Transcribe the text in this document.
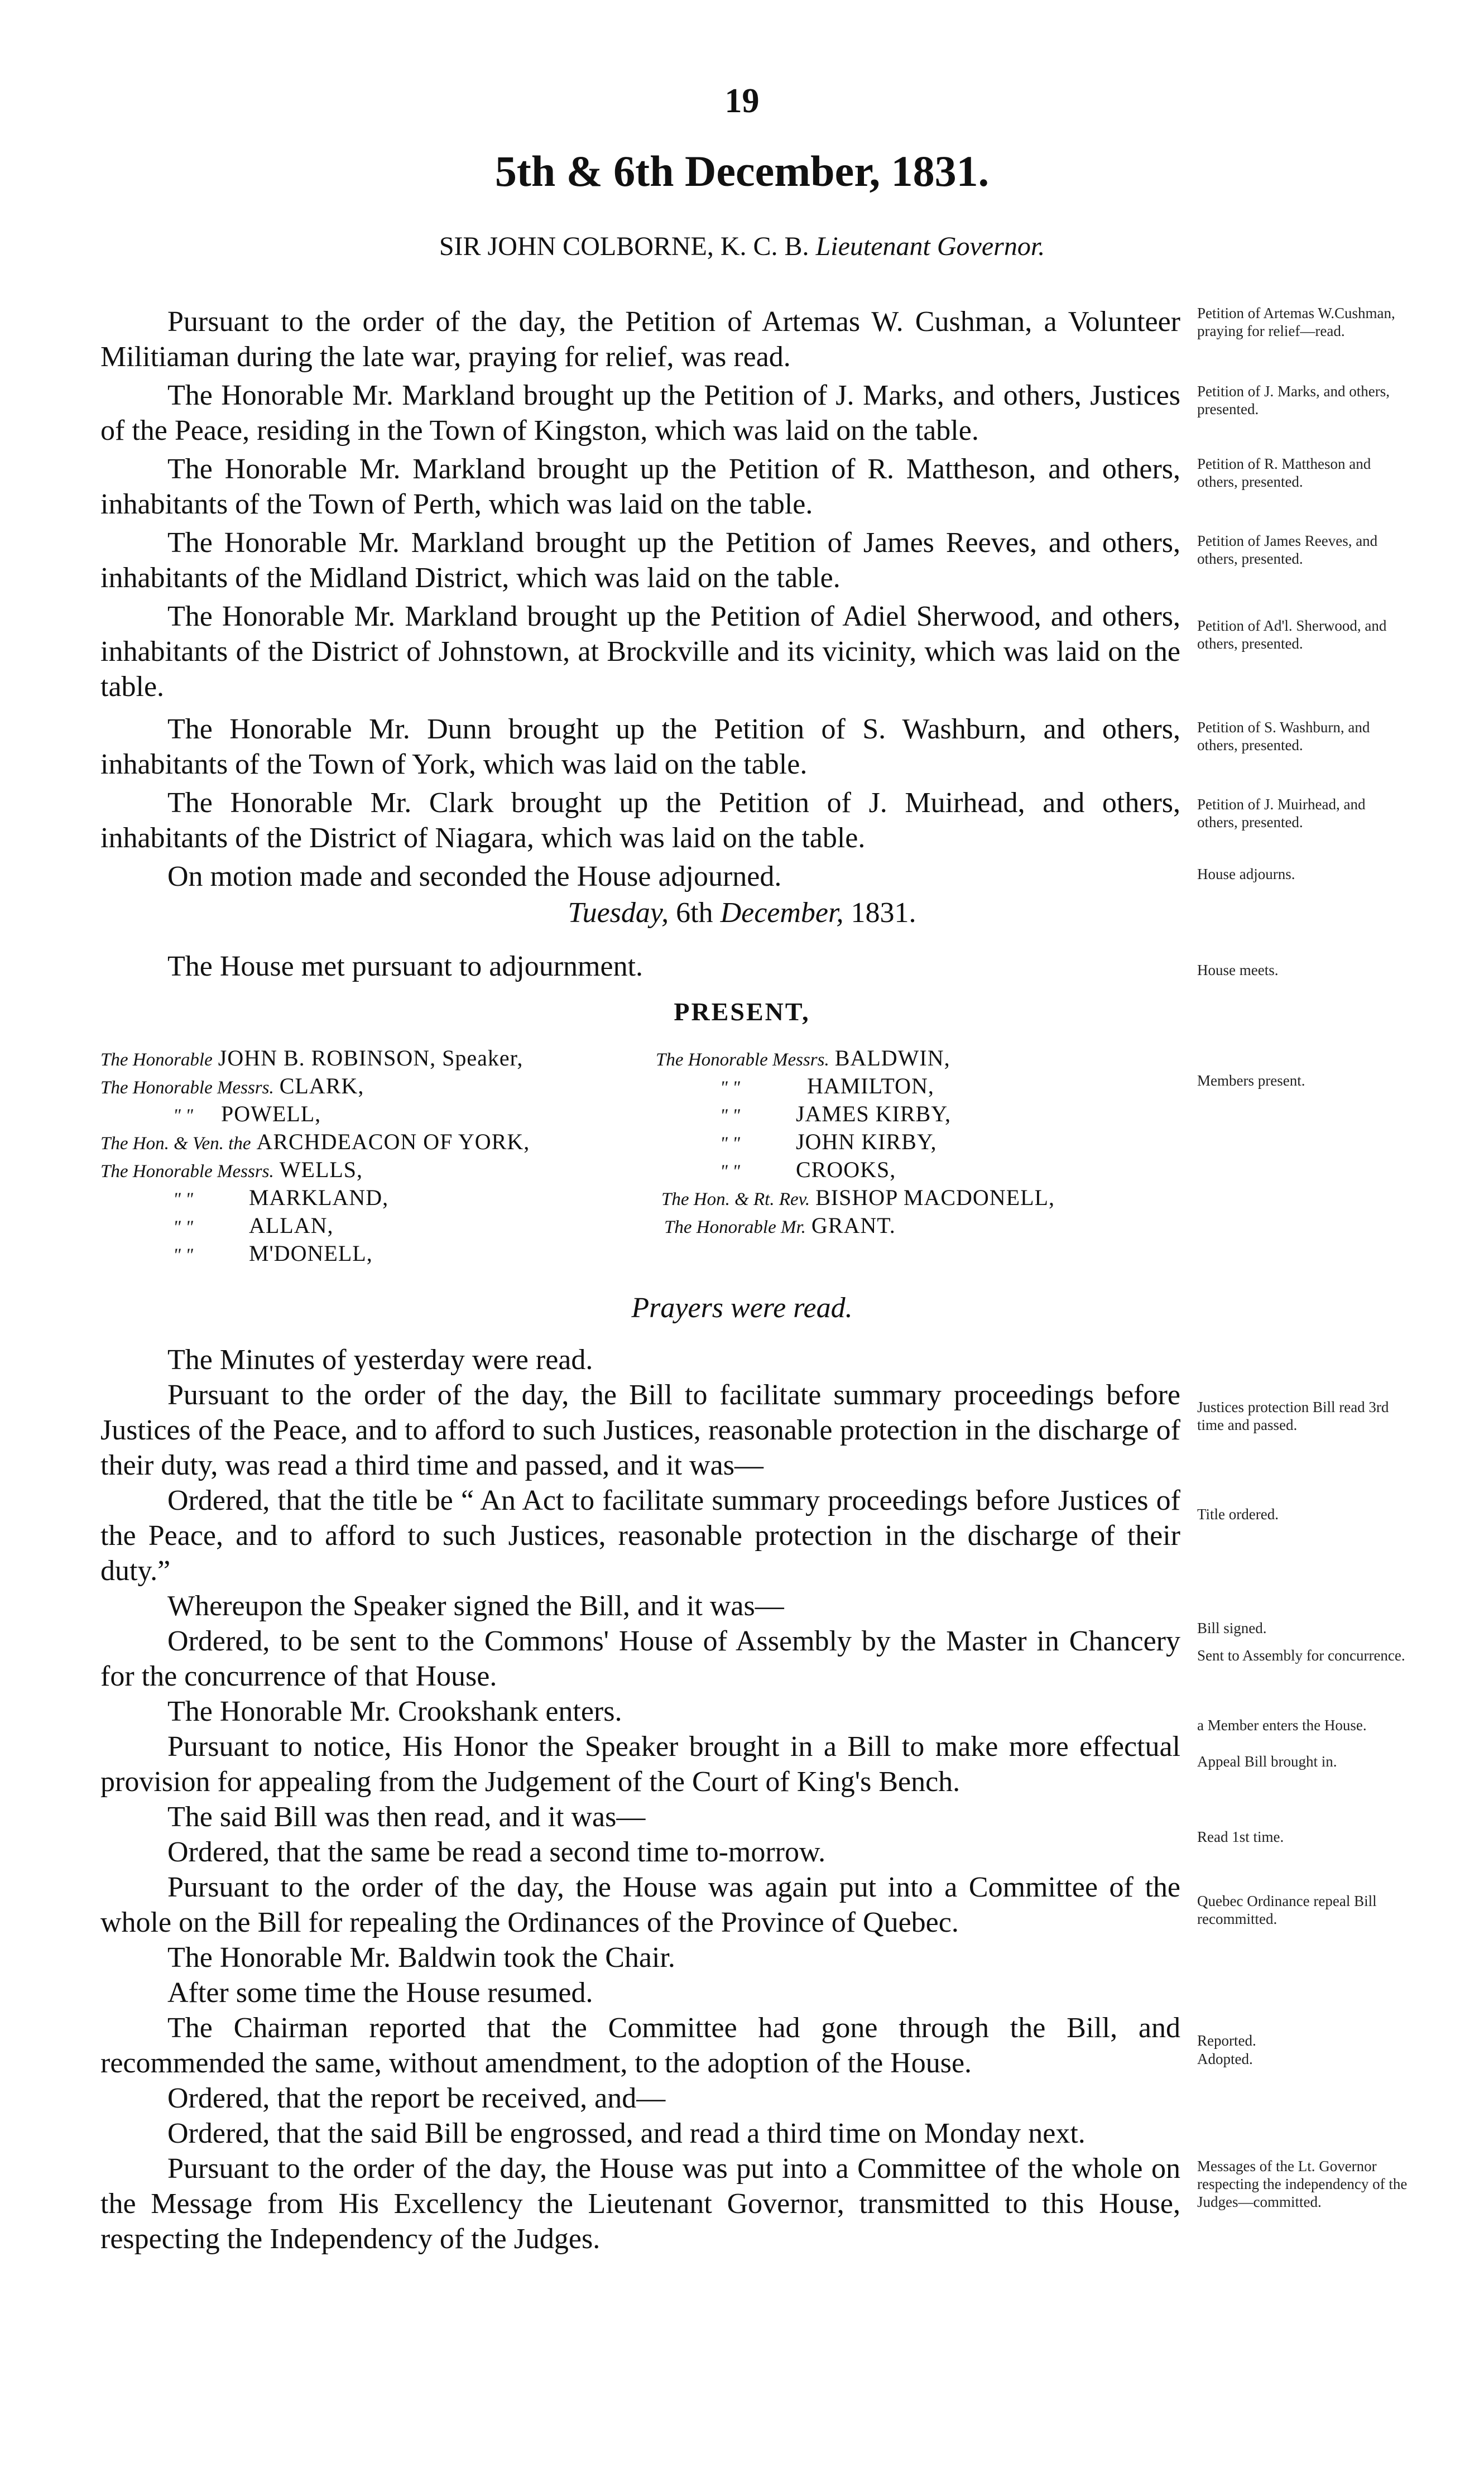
19
5th & 6th December, 1831.
SIR JOHN COLBORNE, K. C. B. Lieutenant Governor.
Pursuant to the order of the day, the Petition of Artemas W. Cushman, a Volunteer Militiaman during the late war, praying for relief, was read.
The Honorable Mr. Markland brought up the Petition of J. Marks, and others, Justices of the Peace, residing in the Town of Kingston, which was laid on the table.
The Honorable Mr. Markland brought up the Petition of R. Mattheson, and others, inhabitants of the Town of Perth, which was laid on the table.
The Honorable Mr. Markland brought up the Petition of James Reeves, and others, inhabitants of the Midland District, which was laid on the table.
The Honorable Mr. Markland brought up the Petition of Adiel Sherwood, and others, inhabitants of the District of Johnstown, at Brockville and its vicinity, which was laid on the table.
The Honorable Mr. Dunn brought up the Petition of S. Washburn, and others, inhabitants of the Town of York, which was laid on the table.
The Honorable Mr. Clark brought up the Petition of J. Muirhead, and others, inhabitants of the District of Niagara, which was laid on the table.
On motion made and seconded the House adjourned.
Petition of Artemas W.Cushman, praying for relief—read.
Petition of J. Marks, and others, presented.
Petition of R. Mattheson and others, presented.
Petition of James Reeves, and others, presented.
Petition of Ad'l. Sherwood, and others, presented.
Petition of S. Washburn, and others, presented.
Petition of J. Muirhead, and others, presented.
House adjourns.
Tuesday, 6th December, 1831.
The House met pursuant to adjournment.	House meets.
PRESENT,
Members present.
The Honorable JOHN B. ROBINSON, Speaker,
The Honorable Messrs. CLARK,
" " POWELL,
The Hon. & Ven. the ARCHDEACON OF YORK,
The Honorable Messrs. WELLS,
" "	MARKLAND,
" "	ALLAN,
" "	M'DONELL,
The Honorable Messrs. BALDWIN,
" "	HAMILTON,
" "	JAMES KIRBY,
" "	JOHN KIRBY,
" "	CROOKS,
The Hon. & Rt. Rev. BISHOP MACDONELL,
The Honorable Mr. GRANT.
Prayers were read.
The Minutes of yesterday were read.
Pursuant to the order of the day, the Bill to facilitate summary proceedings before Justices of the Peace, and to afford to such Justices, reasonable protection in the discharge of their duty, was read a third time and passed, and it was—
Ordered, that the title be “ An Act to facilitate summary proceedings before Justices of the Peace, and to afford to such Justices, reasonable protection in the discharge of their duty.”
Whereupon the Speaker signed the Bill, and it was—
Ordered, to be sent to the Commons' House of Assembly by the Master in Chancery for the concurrence of that House.
The Honorable Mr. Crookshank enters.
Pursuant to notice, His Honor the Speaker brought in a Bill to make more effectual provision for appealing from the Judgement of the Court of King's Bench.
The said Bill was then read, and it was—
Ordered, that the same be read a second time to-morrow.
Pursuant to the order of the day, the House was again put into a Committee of the whole on the Bill for repealing the Ordinances of the Province of Quebec.
The Honorable Mr. Baldwin took the Chair.
After some time the House resumed.
The Chairman reported that the Committee had gone through the Bill, and recommended the same, without amendment, to the adoption of the House.
Ordered, that the report be received, and—
Ordered, that the said Bill be engrossed, and read a third time on Monday next.
Pursuant to the order of the day, the House was put into a Committee of the whole on the Message from His Excellency the Lieutenant Governor, transmitted to this House, respecting the Independency of the Judges.
Justices protection Bill read 3rd time and passed.
Title ordered.
Bill signed.
Sent to Assembly for concurrence.
a Member enters the House.
Appeal Bill brought in.
Read 1st time.
Quebec Ordinance repeal Bill recommitted.
Reported.
Adopted.
Messages of the Lt. Governor respecting the independency of the Judges—committed.
